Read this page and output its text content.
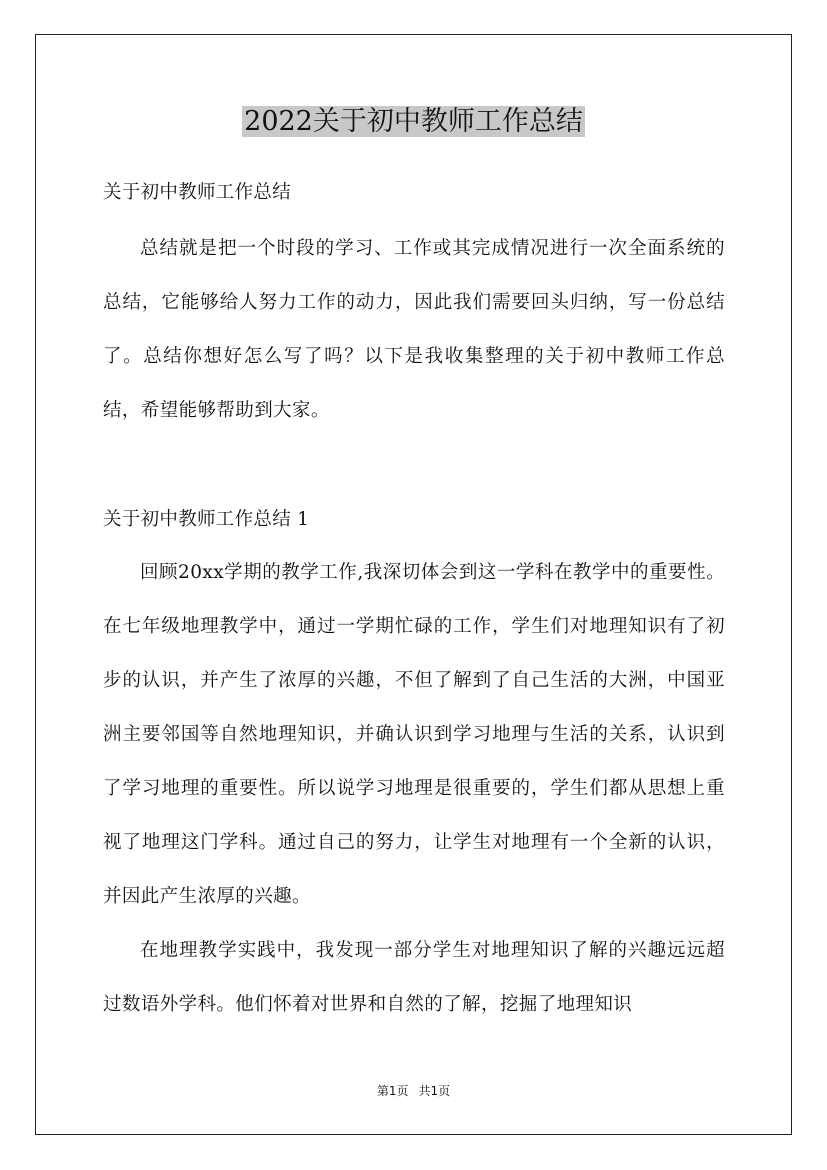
2022关于初中教师工作总结

关于初中教师工作总结

总结就是把一个时段的学习、工作或其完成情况进行一次全面系统的总结，它能够给人努力工作的动力，因此我们需要回头归纳，写一份总结了。总结你想好怎么写了吗？以下是我收集整理的关于初中教师工作总结，希望能够帮助到大家。

关于初中教师工作总结 1

回顾20xx学期的教学工作,我深切体会到这一学科在教学中的重要性。在七年级地理教学中，通过一学期忙碌的工作，学生们对地理知识有了初步的认识，并产生了浓厚的兴趣，不但了解到了自己生活的大洲，中国亚洲主要邻国等自然地理知识，并确认识到学习地理与生活的关系，认识到了学习地理的重要性。所以说学习地理是很重要的，学生们都从思想上重视了地理这门学科。通过自己的努力，让学生对地理有一个全新的认识，并因此产生浓厚的兴趣。

在地理教学实践中，我发现一部分学生对地理知识了解的兴趣远远超过数语外学科。他们怀着对世界和自然的了解，挖掘了地理知识

第1页 共1页
